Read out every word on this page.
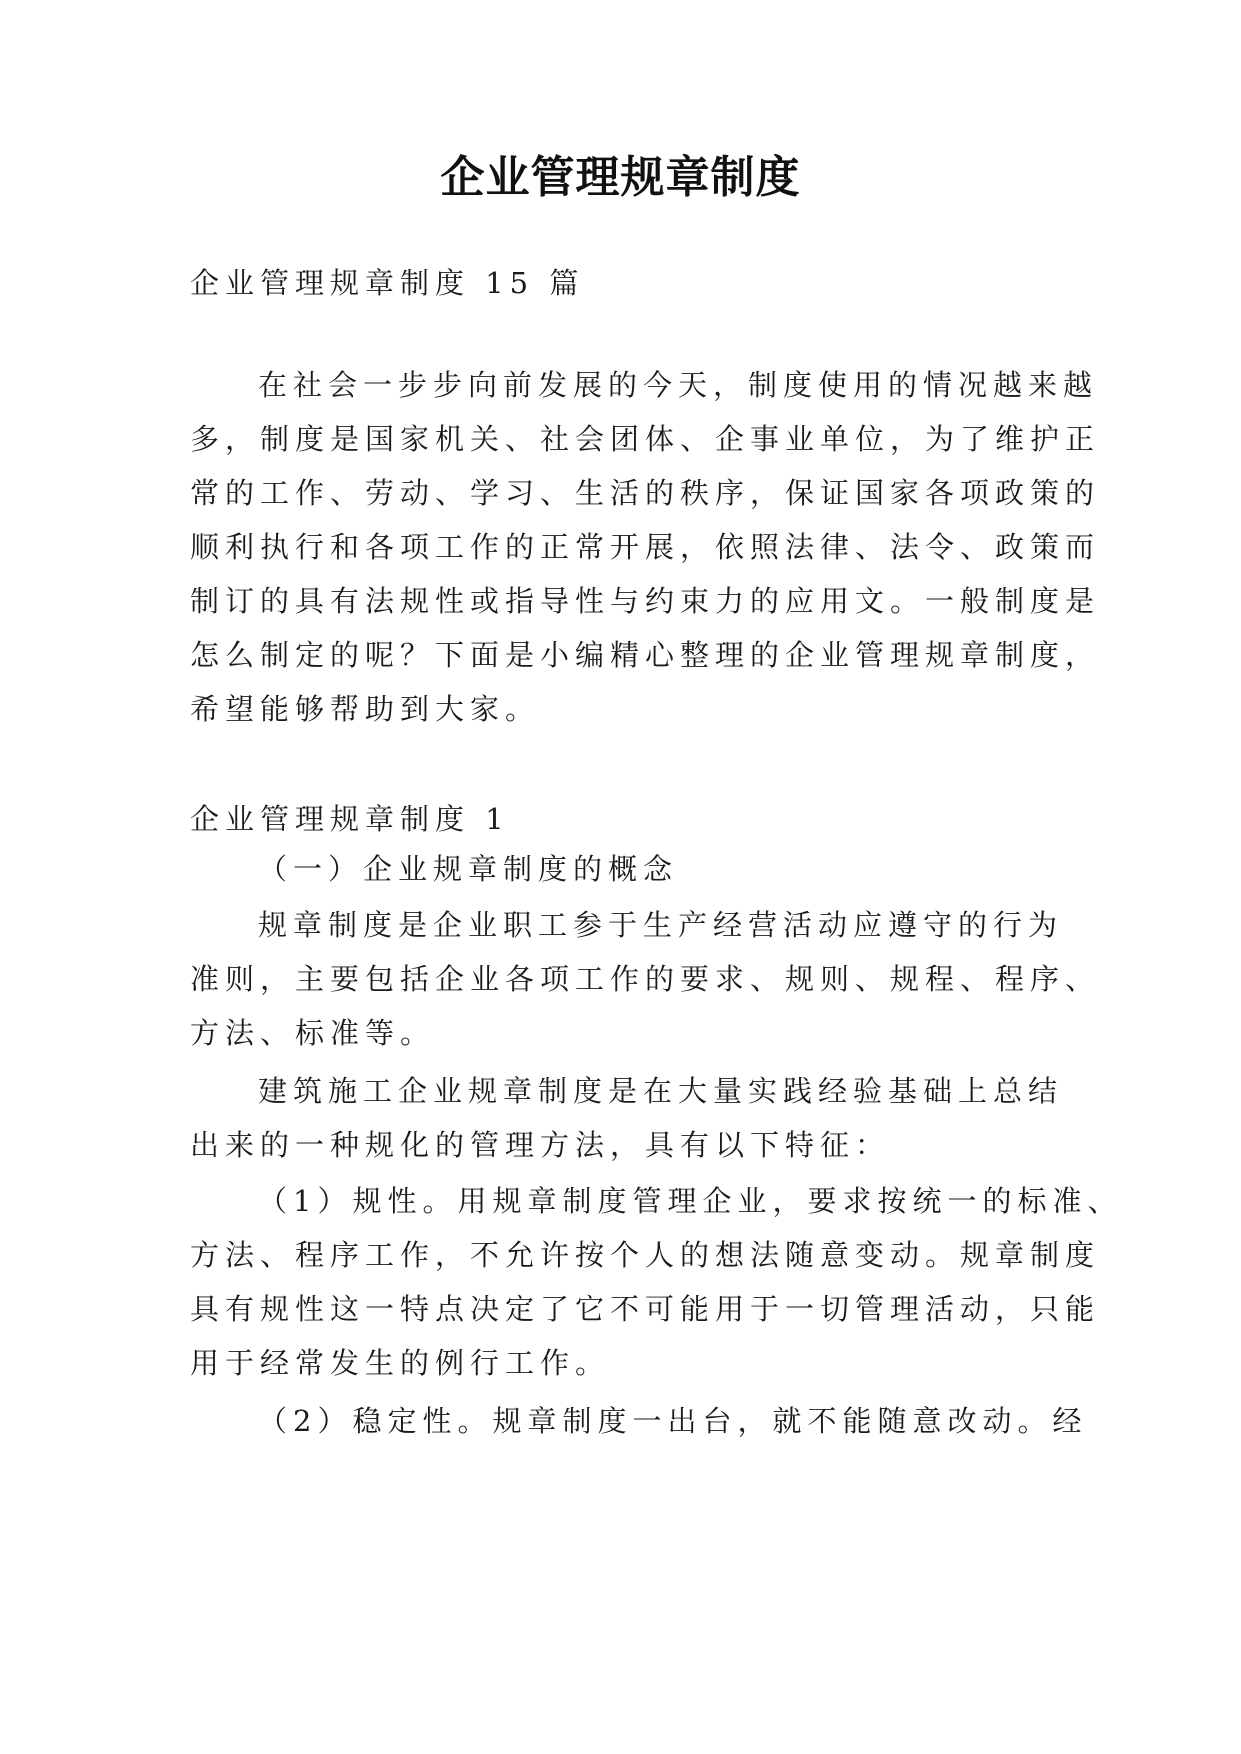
企业管理规章制度
企业管理规章制度 15 篇
在社会一步步向前发展的今天，制度使用的情况越来越
多，制度是国家机关、社会团体、企事业单位，为了维护正
常的工作、劳动、学习、生活的秩序，保证国家各项政策的
顺利执行和各项工作的正常开展，依照法律、法令、政策而
制订的具有法规性或指导性与约束力的应用文。一般制度是
怎么制定的呢？下面是小编精心整理的企业管理规章制度，
希望能够帮助到大家。
企业管理规章制度 1
（一）企业规章制度的概念
规章制度是企业职工参于生产经营活动应遵守的行为
准则，主要包括企业各项工作的要求、规则、规程、程序、
方法、标准等。
建筑施工企业规章制度是在大量实践经验基础上总结
出来的一种规化的管理方法，具有以下特征：
（1）规性。用规章制度管理企业，要求按统一的标准、
方法、程序工作，不允许按个人的想法随意变动。规章制度
具有规性这一特点决定了它不可能用于一切管理活动，只能
用于经常发生的例行工作。
（2）稳定性。规章制度一出台，就不能随意改动。经
